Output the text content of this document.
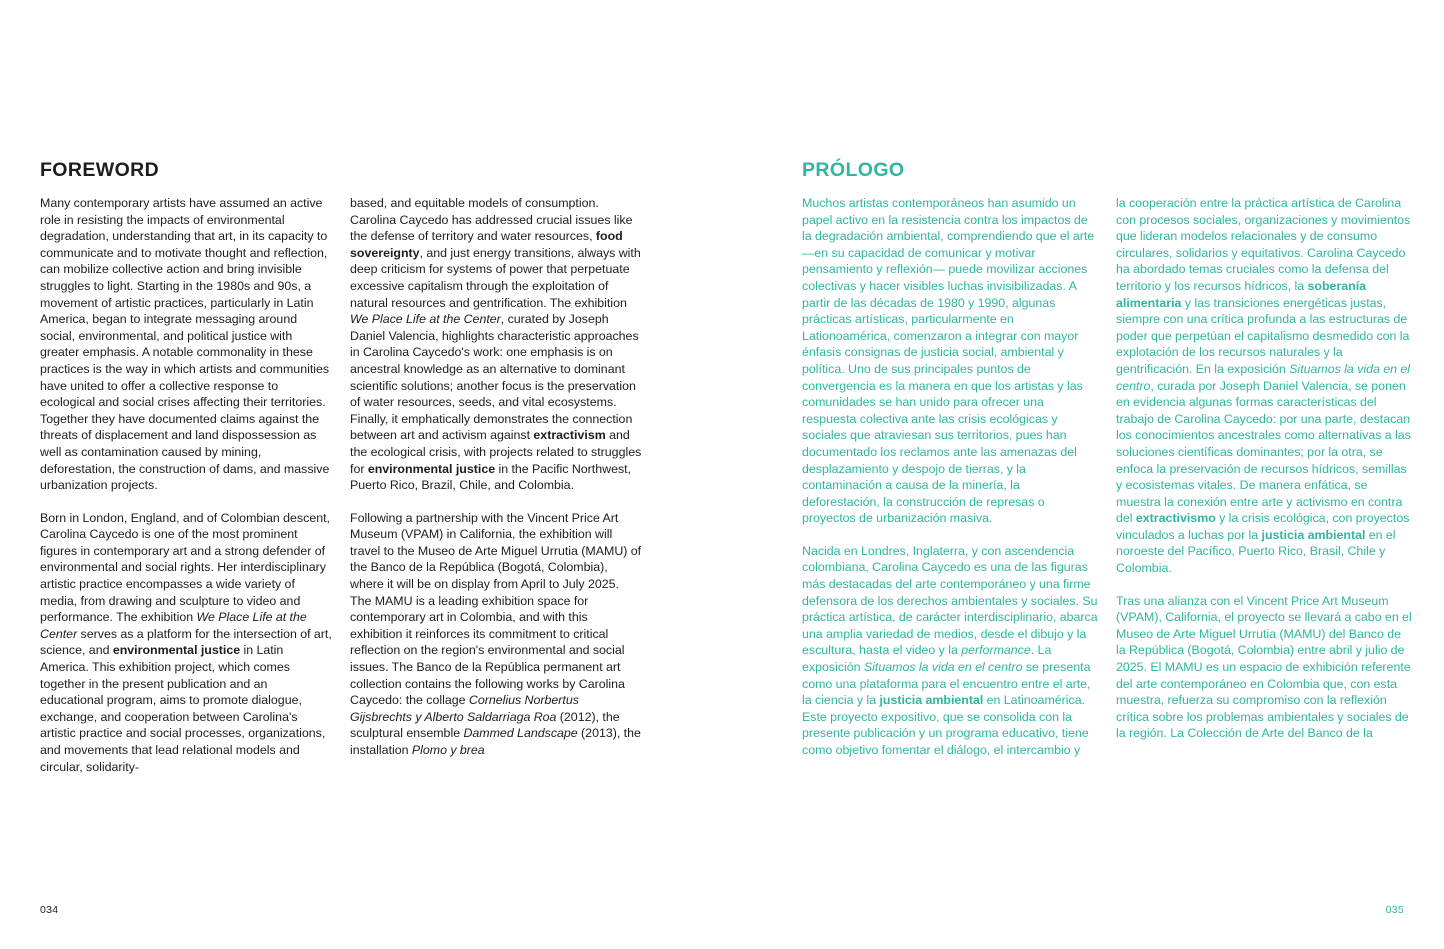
FOREWORD

Many contemporary artists have assumed an active role in resisting the impacts of environmental degradation, understanding that art, in its capacity to communicate and to motivate thought and reflection, can mobilize collective action and bring invisible struggles to light. Starting in the 1980s and 90s, a movement of artistic practices, particularly in Latin America, began to integrate messaging around social, environmental, and political justice with greater emphasis. A notable commonality in these practices is the way in which artists and communities have united to offer a collective response to ecological and social crises affecting their territories. Together they have documented claims against the threats of displacement and land dispossession as well as contamination caused by mining, deforestation, the construction of dams, and massive urbanization projects.

Born in London, England, and of Colombian descent, Carolina Caycedo is one of the most prominent figures in contemporary art and a strong defender of environmental and social rights. Her interdisciplinary artistic practice encompasses a wide variety of media, from drawing and sculpture to video and performance. The exhibition We Place Life at the Center serves as a platform for the intersection of art, science, and environmental justice in Latin America. This exhibition project, which comes together in the present publication and an educational program, aims to promote dialogue, exchange, and cooperation between Carolina's artistic practice and social processes, organizations, and movements that lead relational models and circular, solidarity-

based, and equitable models of consumption. Carolina Caycedo has addressed crucial issues like the defense of territory and water resources, food sovereignty, and just energy transitions, always with deep criticism for systems of power that perpetuate excessive capitalism through the exploitation of natural resources and gentrification. The exhibition We Place Life at the Center, curated by Joseph Daniel Valencia, highlights characteristic approaches in Carolina Caycedo's work: one emphasis is on ancestral knowledge as an alternative to dominant scientific solutions; another focus is the preservation of water resources, seeds, and vital ecosystems. Finally, it emphatically demonstrates the connection between art and activism against extractivism and the ecological crisis, with projects related to struggles for environmental justice in the Pacific Northwest, Puerto Rico, Brazil, Chile, and Colombia.

Following a partnership with the Vincent Price Art Museum (VPAM) in California, the exhibition will travel to the Museo de Arte Miguel Urrutia (MAMU) of the Banco de la República (Bogotá, Colombia), where it will be on display from April to July 2025. The MAMU is a leading exhibition space for contemporary art in Colombia, and with this exhibition it reinforces its commitment to critical reflection on the region's environmental and social issues. The Banco de la República permanent art collection contains the following works by Carolina Caycedo: the collage Cornelius Norbertus Gijsbrechts y Alberto Saldarriaga Roa (2012), the sculptural ensemble Dammed Landscape (2013), the installation Plomo y brea

034
PRÓLOGO

Muchos artistas contemporáneos han asumido un papel activo en la resistencia contra los impactos de la degradación ambiental, comprendiendo que el arte —en su capacidad de comunicar y motivar pensamiento y reflexión— puede movilizar acciones colectivas y hacer visibles luchas invisibilizadas. A partir de las décadas de 1980 y 1990, algunas prácticas artísticas, particularmente en Lationoamérica, comenzaron a integrar con mayor énfasis consignas de justicia social, ambiental y política. Uno de sus principales puntos de convergencia es la manera en que los artistas y las comunidades se han unido para ofrecer una respuesta colectiva ante las crisis ecológicas y sociales que atraviesan sus territorios, pues han documentado los reclamos ante las amenazas del desplazamiento y despojo de tierras, y la contaminación a causa de la minería, la deforestación, la construcción de represas o proyectos de urbanización masiva.

Nacida en Londres, Inglaterra, y con ascendencia colombiana, Carolina Caycedo es una de las figuras más destacadas del arte contemporáneo y una firme defensora de los derechos ambientales y sociales. Su práctica artística, de carácter interdisciplinario, abarca una amplia variedad de medios, desde el dibujo y la escultura, hasta el video y la performance. La exposición Situamos la vida en el centro se presenta como una plataforma para el encuentro entre el arte, la ciencia y la justicia ambiental en Latinoamérica. Este proyecto expositivo, que se consolida con la presente publicación y un programa educativo, tiene como objetivo fomentar el diálogo, el intercambio y

la cooperación entre la práctica artística de Carolina con procesos sociales, organizaciones y movimientos que lideran modelos relacionales y de consumo circulares, solidarios y equitativos. Carolina Caycedo ha abordado temas cruciales como la defensa del territorio y los recursos hídricos, la soberanía alimentaria y las transiciones energéticas justas, siempre con una crítica profunda a las estructuras de poder que perpetúan el capitalismo desmedido con la explotación de los recursos naturales y la gentrificación. En la exposición Situamos la vida en el centro, curada por Joseph Daniel Valencia, se ponen en evidencia algunas formas características del trabajo de Carolina Caycedo: por una parte, destacan los conocimientos ancestrales como alternativas a las soluciones científicas dominantes; por la otra, se enfoca la preservación de recursos hídricos, semillas y ecosistemas vitales. De manera enfática, se muestra la conexión entre arte y activismo en contra del extractivismo y la crisis ecológica, con proyectos vinculados a luchas por la justicia ambiental en el noroeste del Pacífico, Puerto Rico, Brasil, Chile y Colombia.

Tras una alianza con el Vincent Price Art Museum (VPAM), California, el proyecto se llevará a cabo en el Museo de Arte Miguel Urrutia (MAMU) del Banco de la República (Bogotá, Colombia) entre abril y julio de 2025. El MAMU es un espacio de exhibición referente del arte contemporáneo en Colombia que, con esta muestra, refuerza su compromiso con la reflexión crítica sobre los problemas ambientales y sociales de la región. La Colección de Arte del Banco de la

035
